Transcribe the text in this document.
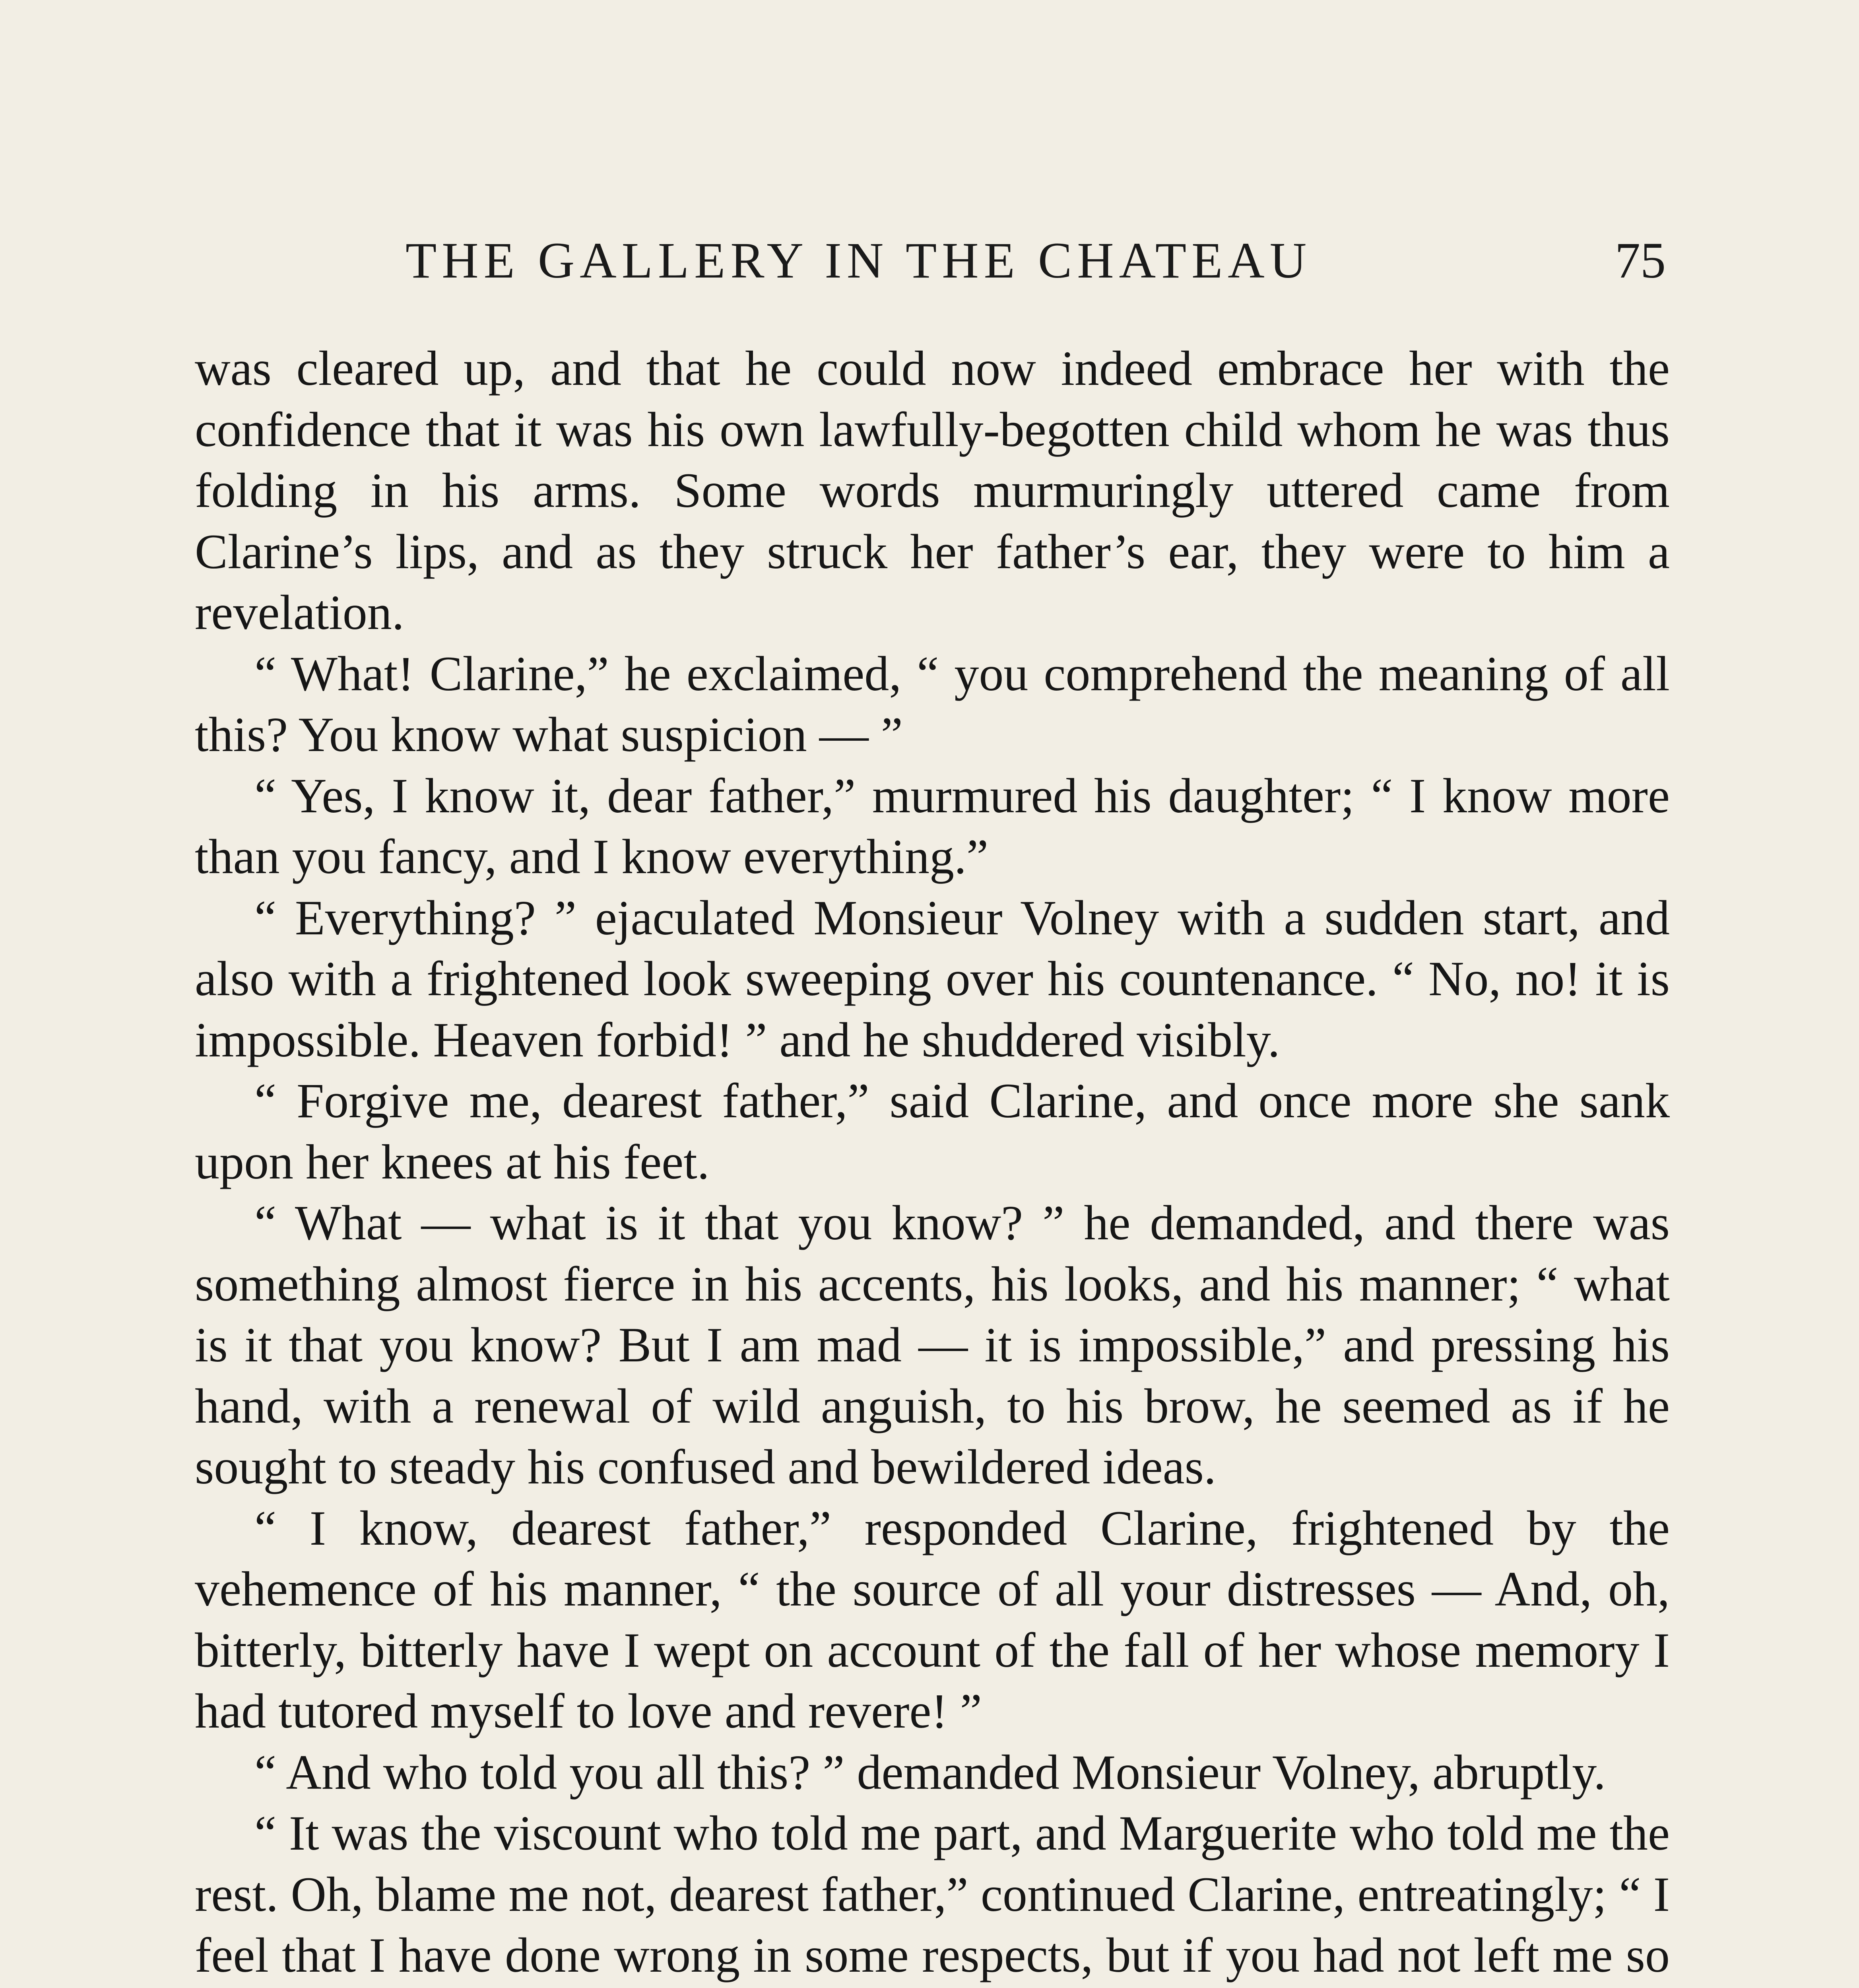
THE GALLERY IN THE CHATEAU	75

was cleared up, and that he could now indeed embrace her with the confidence that it was his own lawfully-begotten child whom he was thus folding in his arms. Some words murmuringly uttered came from Clarine’s lips, and as they struck her father’s ear, they were to him a revelation.

“ What! Clarine,” he exclaimed, “ you comprehend the meaning of all this? You know what suspicion — ”

“ Yes, I know it, dear father,” murmured his daughter; “ I know more than you fancy, and I know everything.”

“ Everything? ” ejaculated Monsieur Volney with a sudden start, and also with a frightened look sweeping over his countenance. “ No, no! it is impossible. Heaven forbid! ” and he shuddered visibly.

“ Forgive me, dearest father,” said Clarine, and once more she sank upon her knees at his feet.

“ What — what is it that you know? ” he demanded, and there was something almost fierce in his accents, his looks, and his manner; “ what is it that you know? But I am mad — it is impossible,” and pressing his hand, with a renewal of wild anguish, to his brow, he seemed as if he sought to steady his confused and bewildered ideas.

“ I know, dearest father,” responded Clarine, frightened by the vehemence of his manner, “ the source of all your distresses — And, oh, bitterly, bitterly have I wept on account of the fall of her whose memory I had tutored myself to love and revere! ”

“ And who told you all this? ” demanded Monsieur Volney, abruptly.

“ It was the viscount who told me part, and Marguerite who told me the rest. Oh, blame me not, dearest father,” continued Clarine, entreatingly; “ I feel that I have done wrong in some respects, but if you had not left me so
